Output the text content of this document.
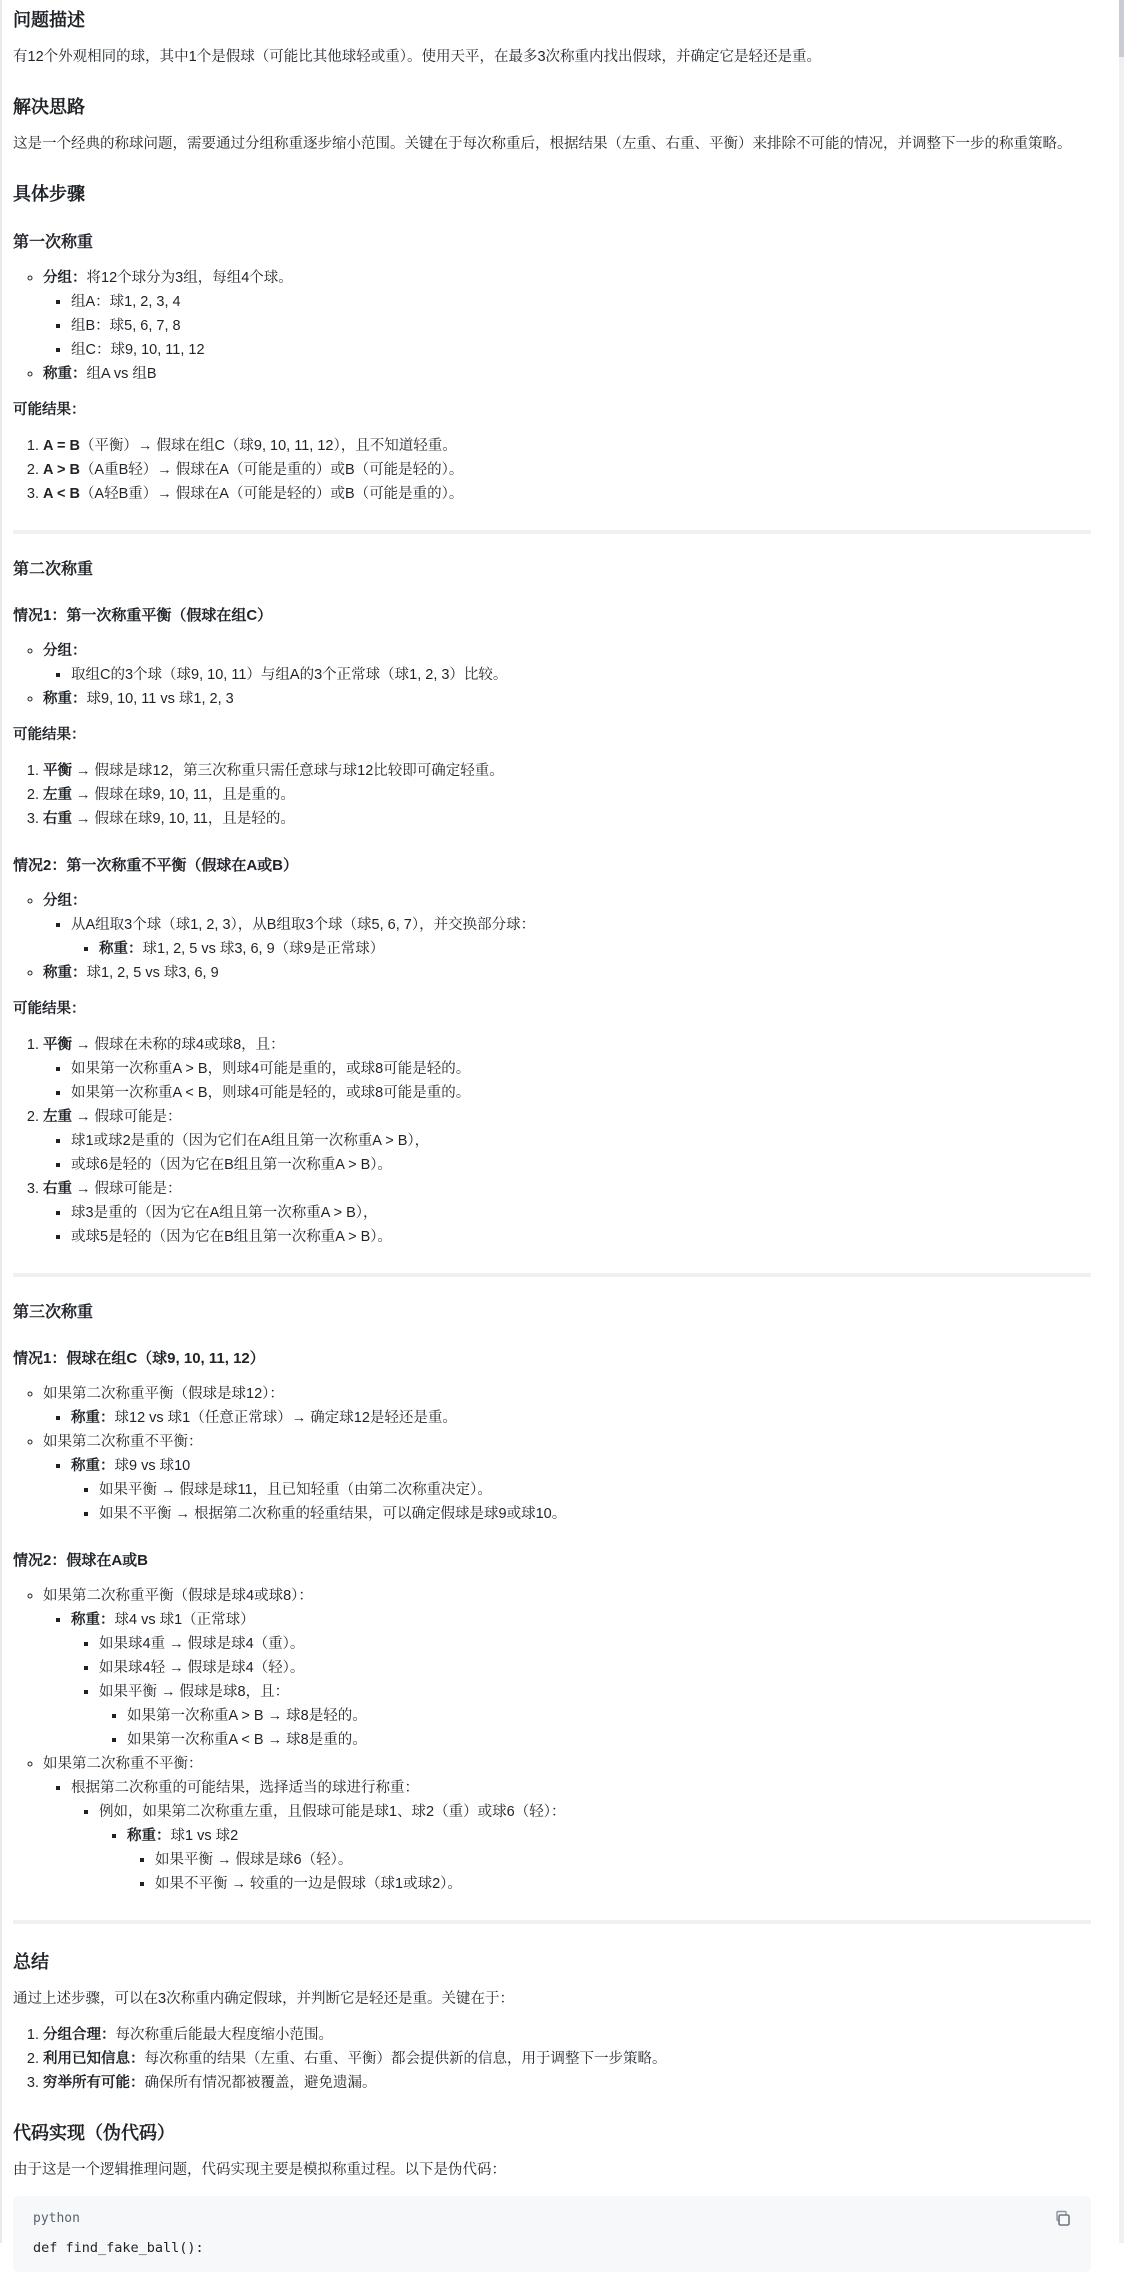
问题描述

有12个外观相同的球，其中1个是假球（可能比其他球轻或重）。使用天平，在最多3次称重内找出假球，并确定它是轻还是重。

解决思路

这是一个经典的称球问题，需要通过分组称重逐步缩小范围。关键在于每次称重后，根据结果（左重、右重、平衡）来排除不可能的情况，并调整下一步的称重策略。

具体步骤
第一次称重
◦ 分组：将12个球分为3组，每组4个球。
▪ 组A：球1, 2, 3, 4
▪ 组B：球5, 6, 7, 8
▪ 组C：球9, 10, 11, 12
◦ 称重：组A vs 组B

可能结果：

1. A = B（平衡）→ 假球在组C（球9, 10, 11, 12），且不知道轻重。
2. A > B（A重B轻）→ 假球在A（可能是重的）或B（可能是轻的）。
3. A < B（A轻B重）→ 假球在A（可能是轻的）或B（可能是重的）。
第二次称重
情况1：第一次称重平衡（假球在组C）
◦ 分组：
▪ 取组C的3个球（球9, 10, 11）与组A的3个正常球（球1, 2, 3）比较。
◦ 称重：球9, 10, 11 vs 球1, 2, 3

可能结果：

1. 平衡 → 假球是球12，第三次称重只需任意球与球12比较即可确定轻重。
2. 左重 → 假球在球9, 10, 11，且是重的。
3. 右重 → 假球在球9, 10, 11，且是轻的。
情况2：第一次称重不平衡（假球在A或B）
◦ 分组：
▪ 从A组取3个球（球1, 2, 3），从B组取3个球（球5, 6, 7），并交换部分球：
▪ 称重：球1, 2, 5 vs 球3, 6, 9（球9是正常球）
◦ 称重：球1, 2, 5 vs 球3, 6, 9

可能结果：

1. 平衡 → 假球在未称的球4或球8，且：
▪ 如果第一次称重A > B，则球4可能是重的，或球8可能是轻的。
▪ 如果第一次称重A < B，则球4可能是轻的，或球8可能是重的。
2. 左重 → 假球可能是：
▪ 球1或球2是重的（因为它们在A组且第一次称重A > B），
▪ 或球6是轻的（因为它在B组且第一次称重A > B）。
3. 右重 → 假球可能是：
▪ 球3是重的（因为它在A组且第一次称重A > B），
▪ 或球5是轻的（因为它在B组且第一次称重A > B）。
第三次称重
情况1：假球在组C（球9, 10, 11, 12）
◦ 如果第二次称重平衡（假球是球12）：
▪ 称重：球12 vs 球1（任意正常球）→ 确定球12是轻还是重。
◦ 如果第二次称重不平衡：
▪ 称重：球9 vs 球10
▪ 如果平衡 → 假球是球11，且已知轻重（由第二次称重决定）。
▪ 如果不平衡 → 根据第二次称重的轻重结果，可以确定假球是球9或球10。
情况2：假球在A或B
◦ 如果第二次称重平衡（假球是球4或球8）：
▪ 称重：球4 vs 球1（正常球）
▪ 如果球4重 → 假球是球4（重）。
▪ 如果球4轻 → 假球是球4（轻）。
▪ 如果平衡 → 假球是球8，且：
▪ 如果第一次称重A > B → 球8是轻的。
▪ 如果第一次称重A < B → 球8是重的。
◦ 如果第二次称重不平衡：
▪ 根据第二次称重的可能结果，选择适当的球进行称重：
▪ 例如，如果第二次称重左重，且假球可能是球1、球2（重）或球6（轻）：
▪ 称重：球1 vs 球2
▪ 如果平衡 → 假球是球6（轻）。
▪ 如果不平衡 → 较重的一边是假球（球1或球2）。
总结

通过上述步骤，可以在3次称重内确定假球，并判断它是轻还是重。关键在于：

1. 分组合理：每次称重后能最大程度缩小范围。
2. 利用已知信息：每次称重的结果（左重、右重、平衡）都会提供新的信息，用于调整下一步策略。
3. 穷举所有可能：确保所有情况都被覆盖，避免遗漏。
代码实现（伪代码）

由于这是一个逻辑推理问题，代码实现主要是模拟称重过程。以下是伪代码：

python
def find_fake_ball():
